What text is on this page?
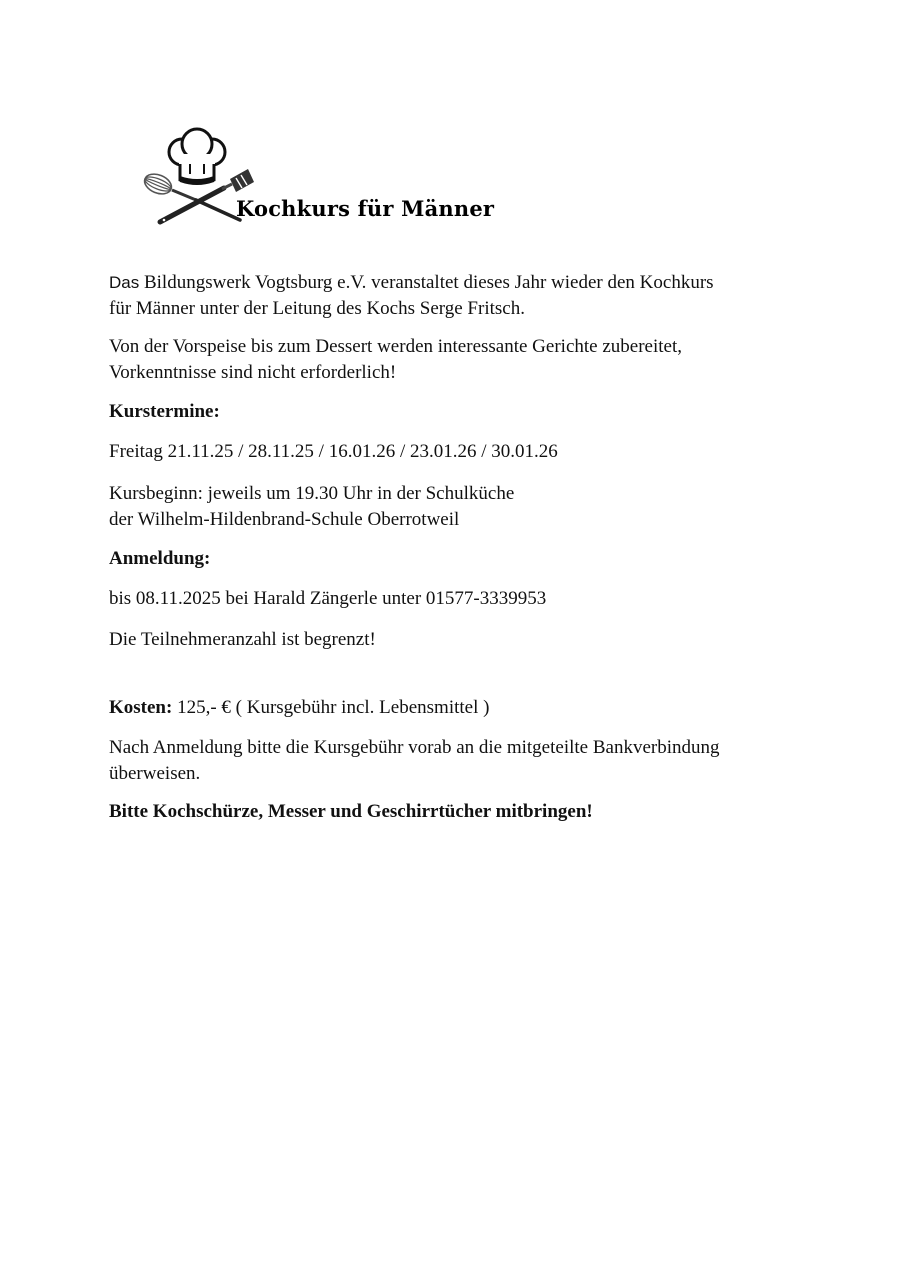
Kochkurs für Männer

Das Bildungswerk Vogtsburg e.V. veranstaltet dieses Jahr wieder den Kochkurs
für Männer unter der Leitung des Kochs Serge Fritsch.

Von der Vorspeise bis zum Dessert werden interessante Gerichte zubereitet,
Vorkenntnisse sind nicht erforderlich!

Kurstermine:

Freitag 21.11.25 / 28.11.25 / 16.01.26 / 23.01.26 / 30.01.26

Kursbeginn: jeweils um 19.30 Uhr in der Schulküche
der Wilhelm-Hildenbrand-Schule Oberrotweil

Anmeldung:

bis 08.11.2025 bei Harald Zängerle unter 01577-3339953

Die Teilnehmeranzahl ist begrenzt!

Kosten: 125,- € ( Kursgebühr incl. Lebensmittel )

Nach Anmeldung bitte die Kursgebühr vorab an die mitgeteilte Bankverbindung
überweisen.

Bitte Kochschürze, Messer und Geschirrtücher mitbringen!
